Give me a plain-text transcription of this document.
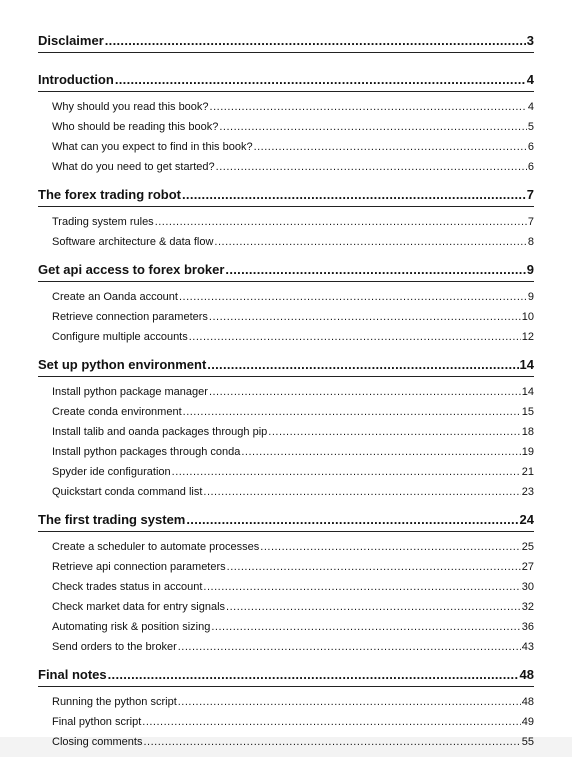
Disclaimer .....	3
Introduction .....	4
Why should you read this book? .....	4
Who should be reading this book? .....	5
What can you expect to find in this book? .....	6
What do you need to get started? .....	6
The forex trading robot .....	7
Trading system rules .....	7
Software architecture & data flow .....	8
Get api access to forex broker .....	9
Create an Oanda account .....	9
Retrieve connection parameters .....	10
Configure multiple accounts .....	12
Set up python environment .....	14
Install python package manager .....	14
Create conda environment .....	15
Install talib and oanda packages through pip .....	18
Install python packages through conda .....	19
Spyder ide configuration .....	21
Quickstart conda command list .....	23
The first trading system .....	24
Create a scheduler to automate processes .....	25
Retrieve api connection parameters .....	27
Check trades status in account .....	30
Check market data for entry signals .....	32
Automating risk & position sizing .....	36
Send orders to the broker .....	43
Final notes .....	48
Running the python script .....	48
Final python script .....	49
Closing comments .....	55
